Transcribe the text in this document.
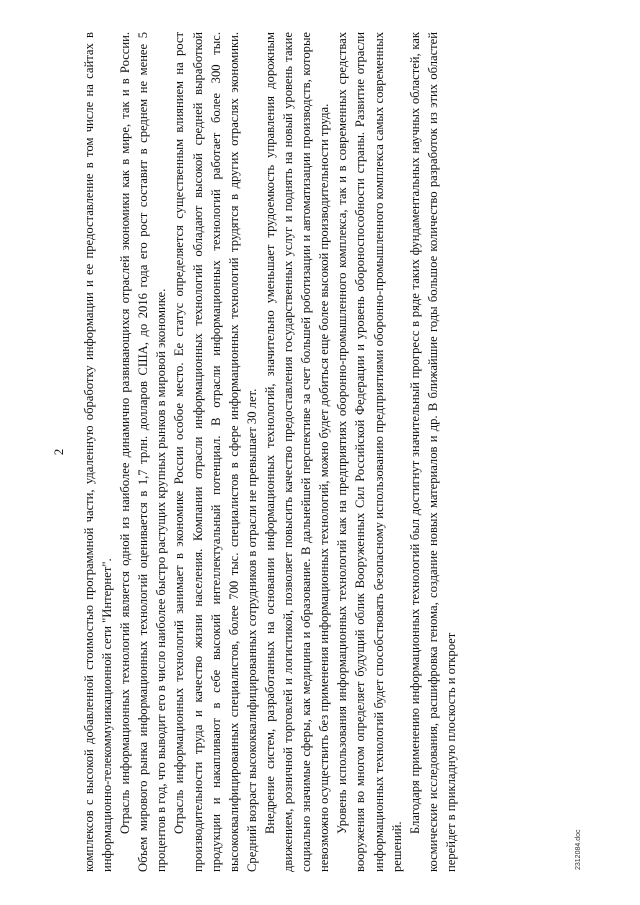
2 комплексов с высокой добавленной стоимостью программной части, удаленную обработку информации и ее предоставление в том числе на сайтах в информационно-телекоммуникационной сети "Интернет". Отрасль информационных технологий является одной из наиболее динамично развивающихся отраслей экономики как в мире, так и в России. Объем мирового рынка информационных технологий оценивается в 1,7 трлн. долларов США, до 2016 года его рост составит в среднем не менее 5 процентов в год, что выводит его в число наиболее быстро растущих крупных рынков в мировой экономике. Отрасль информационных технологий занимает в экономике России особое место. Ее статус определяется существенным влиянием на рост производительности труда и качество жизни населения. Компании отрасли информационных технологий обладают высокой средней выработкой продукции и накапливают в себе высокий интеллектуальный потенциал. В отрасли информационных технологий работает более 300 тыс. высококвалифицированных специалистов, более 700 тыс. специалистов в сфере информационных технологий трудятся в других отраслях экономики. Средний возраст высококвалифицированных сотрудников в отрасли не превышает 30 лет. Внедрение систем, разработанных на основании информационных технологий, значительно уменьшает трудоемкость управления дорожным движением, розничной торговлей и логистикой, позволяет повысить качество предоставления государственных услуг и поднять на новый уровень такие социально значимые сферы, как медицина и образование. В дальнейшей перспективе за счет большей роботизации и автоматизации производств, которые невозможно осуществить без применения информационных технологий, можно будет добиться еще более высокой производительности труда. Уровень использования информационных технологий как на предприятиях оборонно-промышленного комплекса, так и в современных средствах вооружения во многом определяет будущий облик Вооруженных Сил Российской Федерации и уровень обороноспособности страны. Развитие отрасли информационных технологий будет способствовать безопасному использованию предприятиями оборонно-промышленного комплекса самых современных решений.

Благодаря применению информационных технологий был достигнут значительный прогресс в ряде таких фундаментальных научных областей, как космические исследования, расшифровка генома, создание новых материалов и др. В ближайшие годы большое количество разработок из этих областей перейдет в прикладную плоскость и откроет	2312084.doc
